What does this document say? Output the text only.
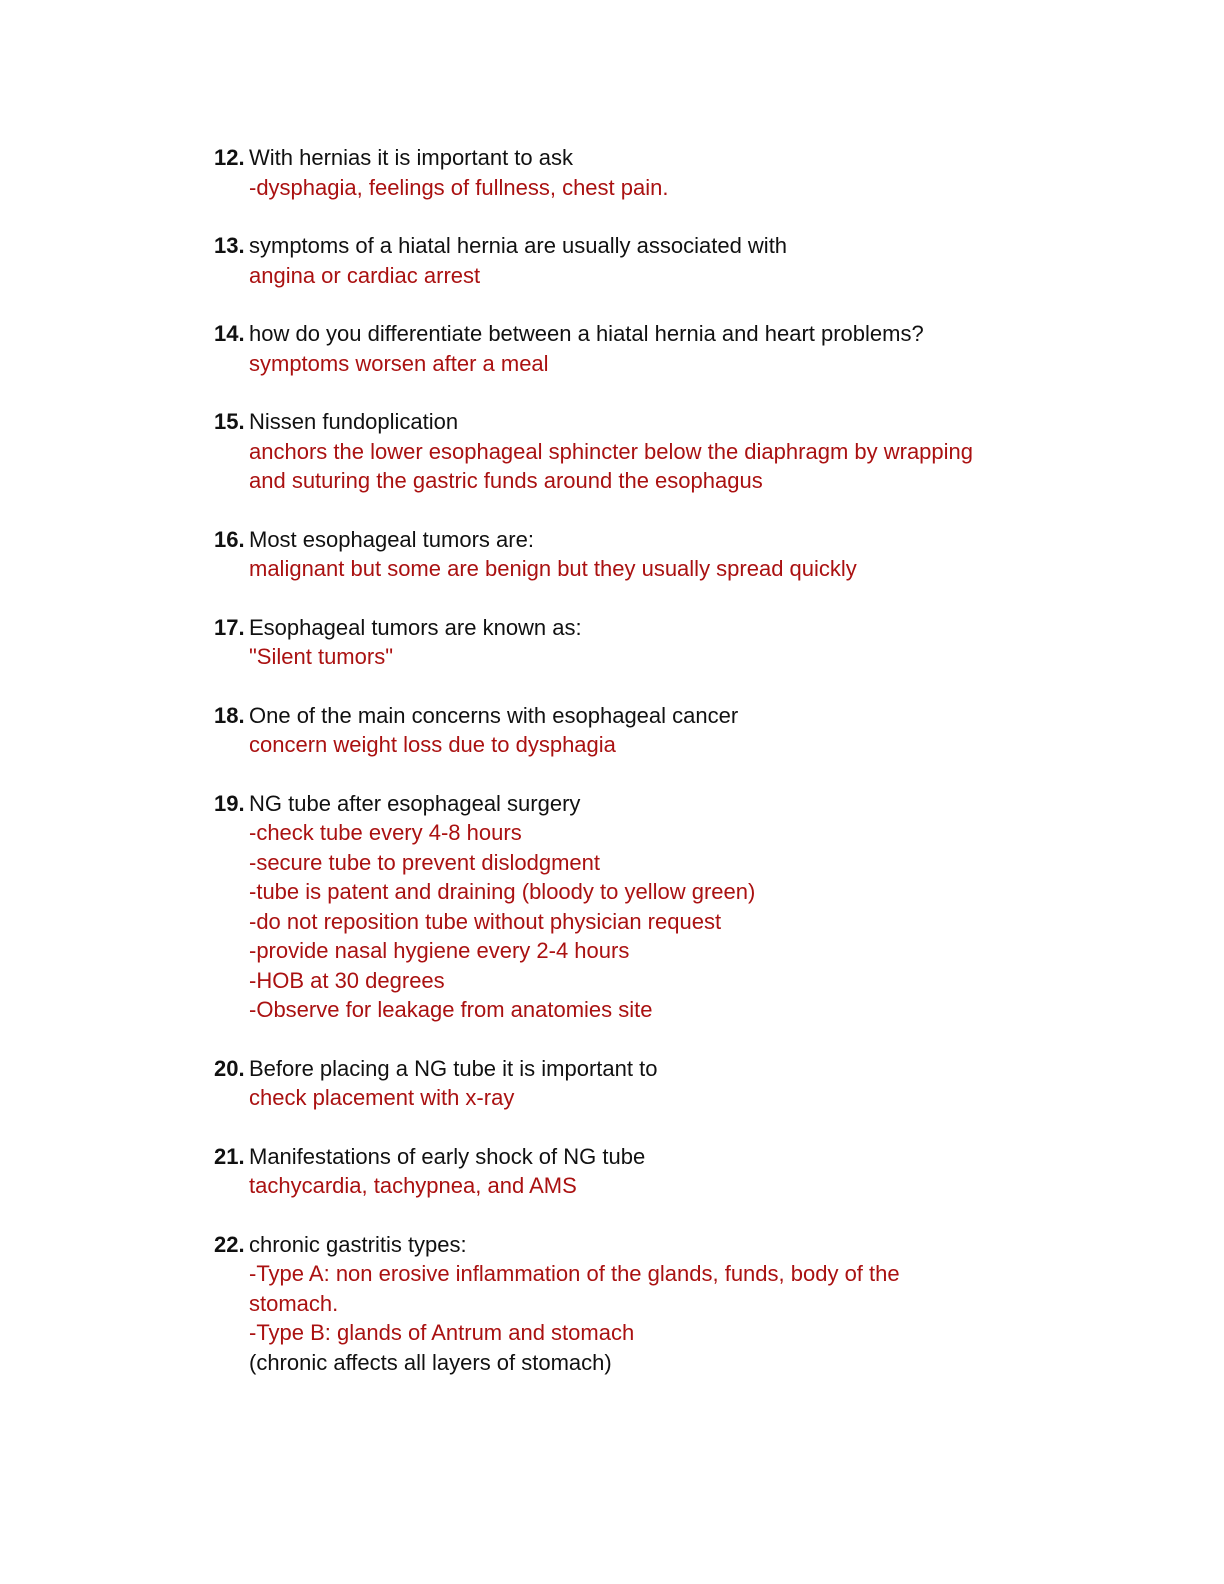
12. With hernias it is important to ask
-dysphagia, feelings of fullness, chest pain.
13. symptoms of a hiatal hernia are usually associated with
angina or cardiac arrest
14. how do you differentiate between a hiatal hernia and heart problems?
symptoms worsen after a meal
15. Nissen fundoplication
anchors the lower esophageal sphincter below the diaphragm by wrapping
and suturing the gastric funds around the esophagus
16. Most esophageal tumors are:
malignant but some are benign but they usually spread quickly
17. Esophageal tumors are known as:
"Silent tumors"
18. One of the main concerns with esophageal cancer
concern weight loss due to dysphagia
19. NG tube after esophageal surgery
-check tube every 4-8 hours
-secure tube to prevent dislodgment
-tube is patent and draining (bloody to yellow green)
-do not reposition tube without physician request
-provide nasal hygiene every 2-4 hours
-HOB at 30 degrees
-Observe for leakage from anatomies site
20. Before placing a NG tube it is important to
check placement with x-ray
21. Manifestations of early shock of NG tube
tachycardia, tachypnea, and AMS
22. chronic gastritis types:
-Type A: non erosive inflammation of the glands, funds, body of the
stomach.
-Type B: glands of Antrum and stomach
(chronic affects all layers of stomach)
